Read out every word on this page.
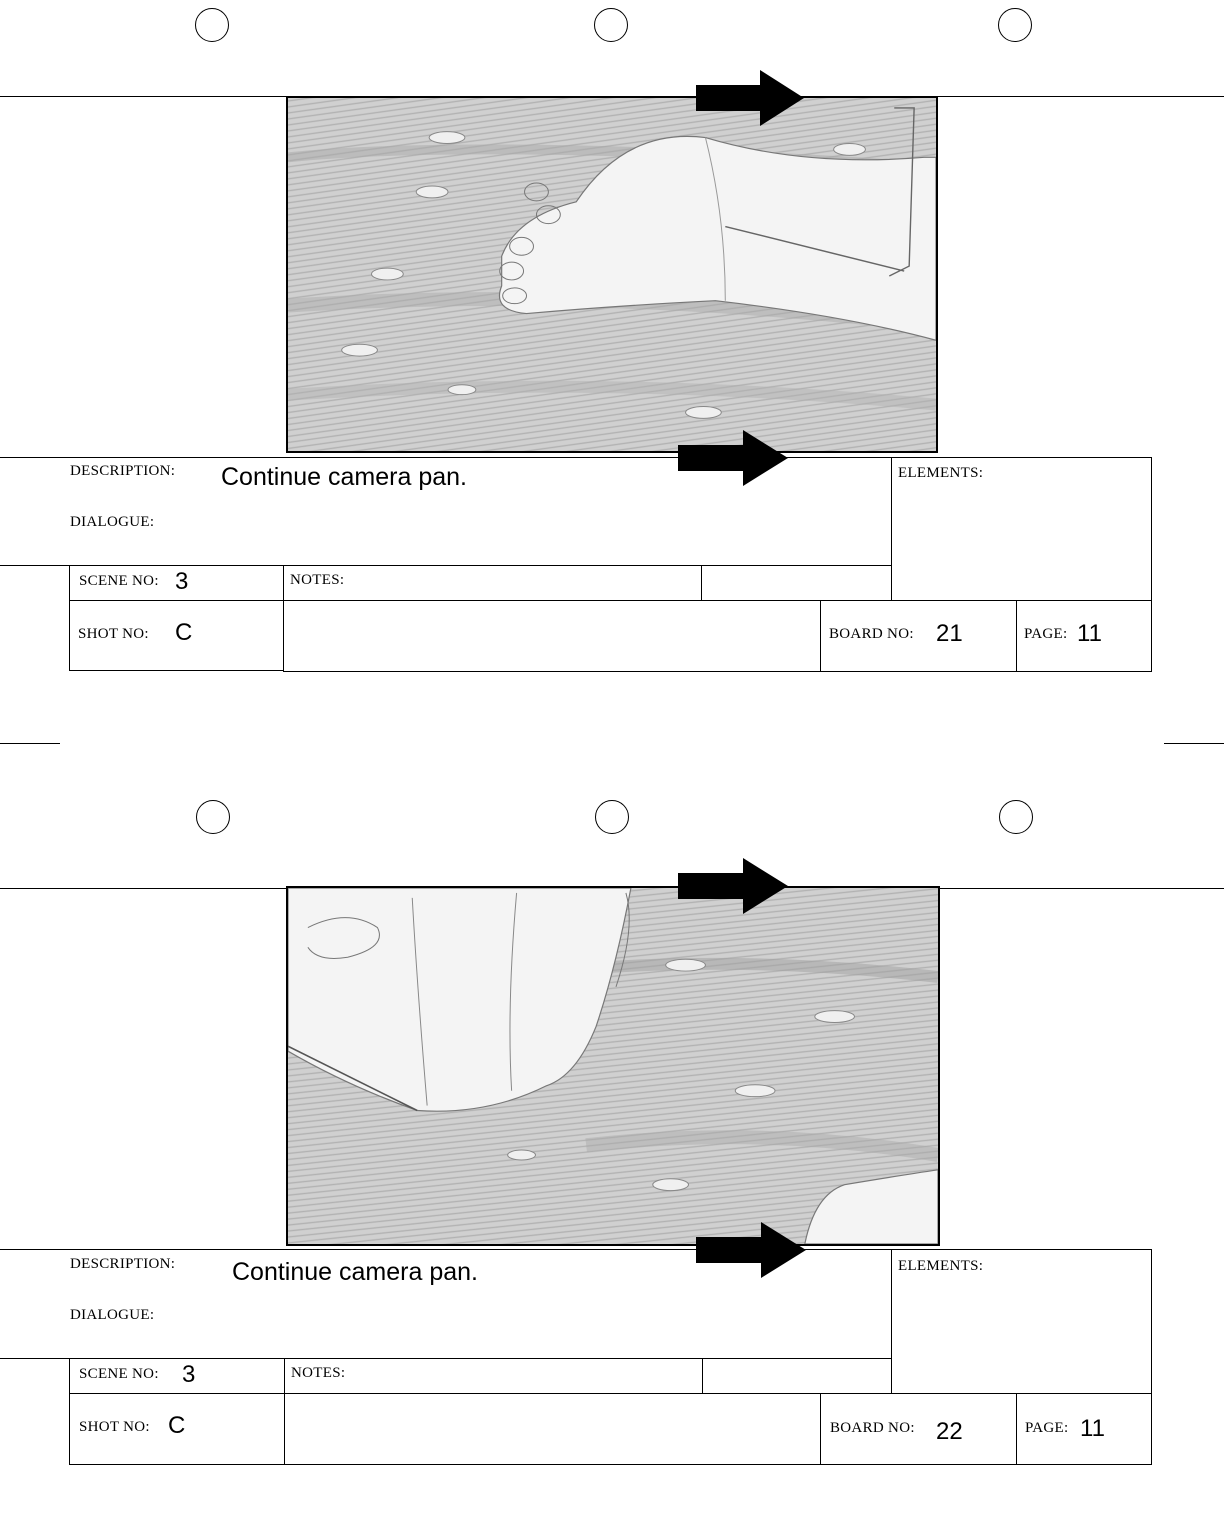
DESCRIPTION: Continue camera pan.
DIALOGUE:
ELEMENTS:
SCENE NO: 3	NOTES:
SHOT NO: C	BOARD NO: 21	PAGE: 11
DESCRIPTION: Continue camera pan.
DIALOGUE:
ELEMENTS:
SCENE NO: 3	NOTES:
SHOT NO: C	BOARD NO: 22	PAGE: 11
